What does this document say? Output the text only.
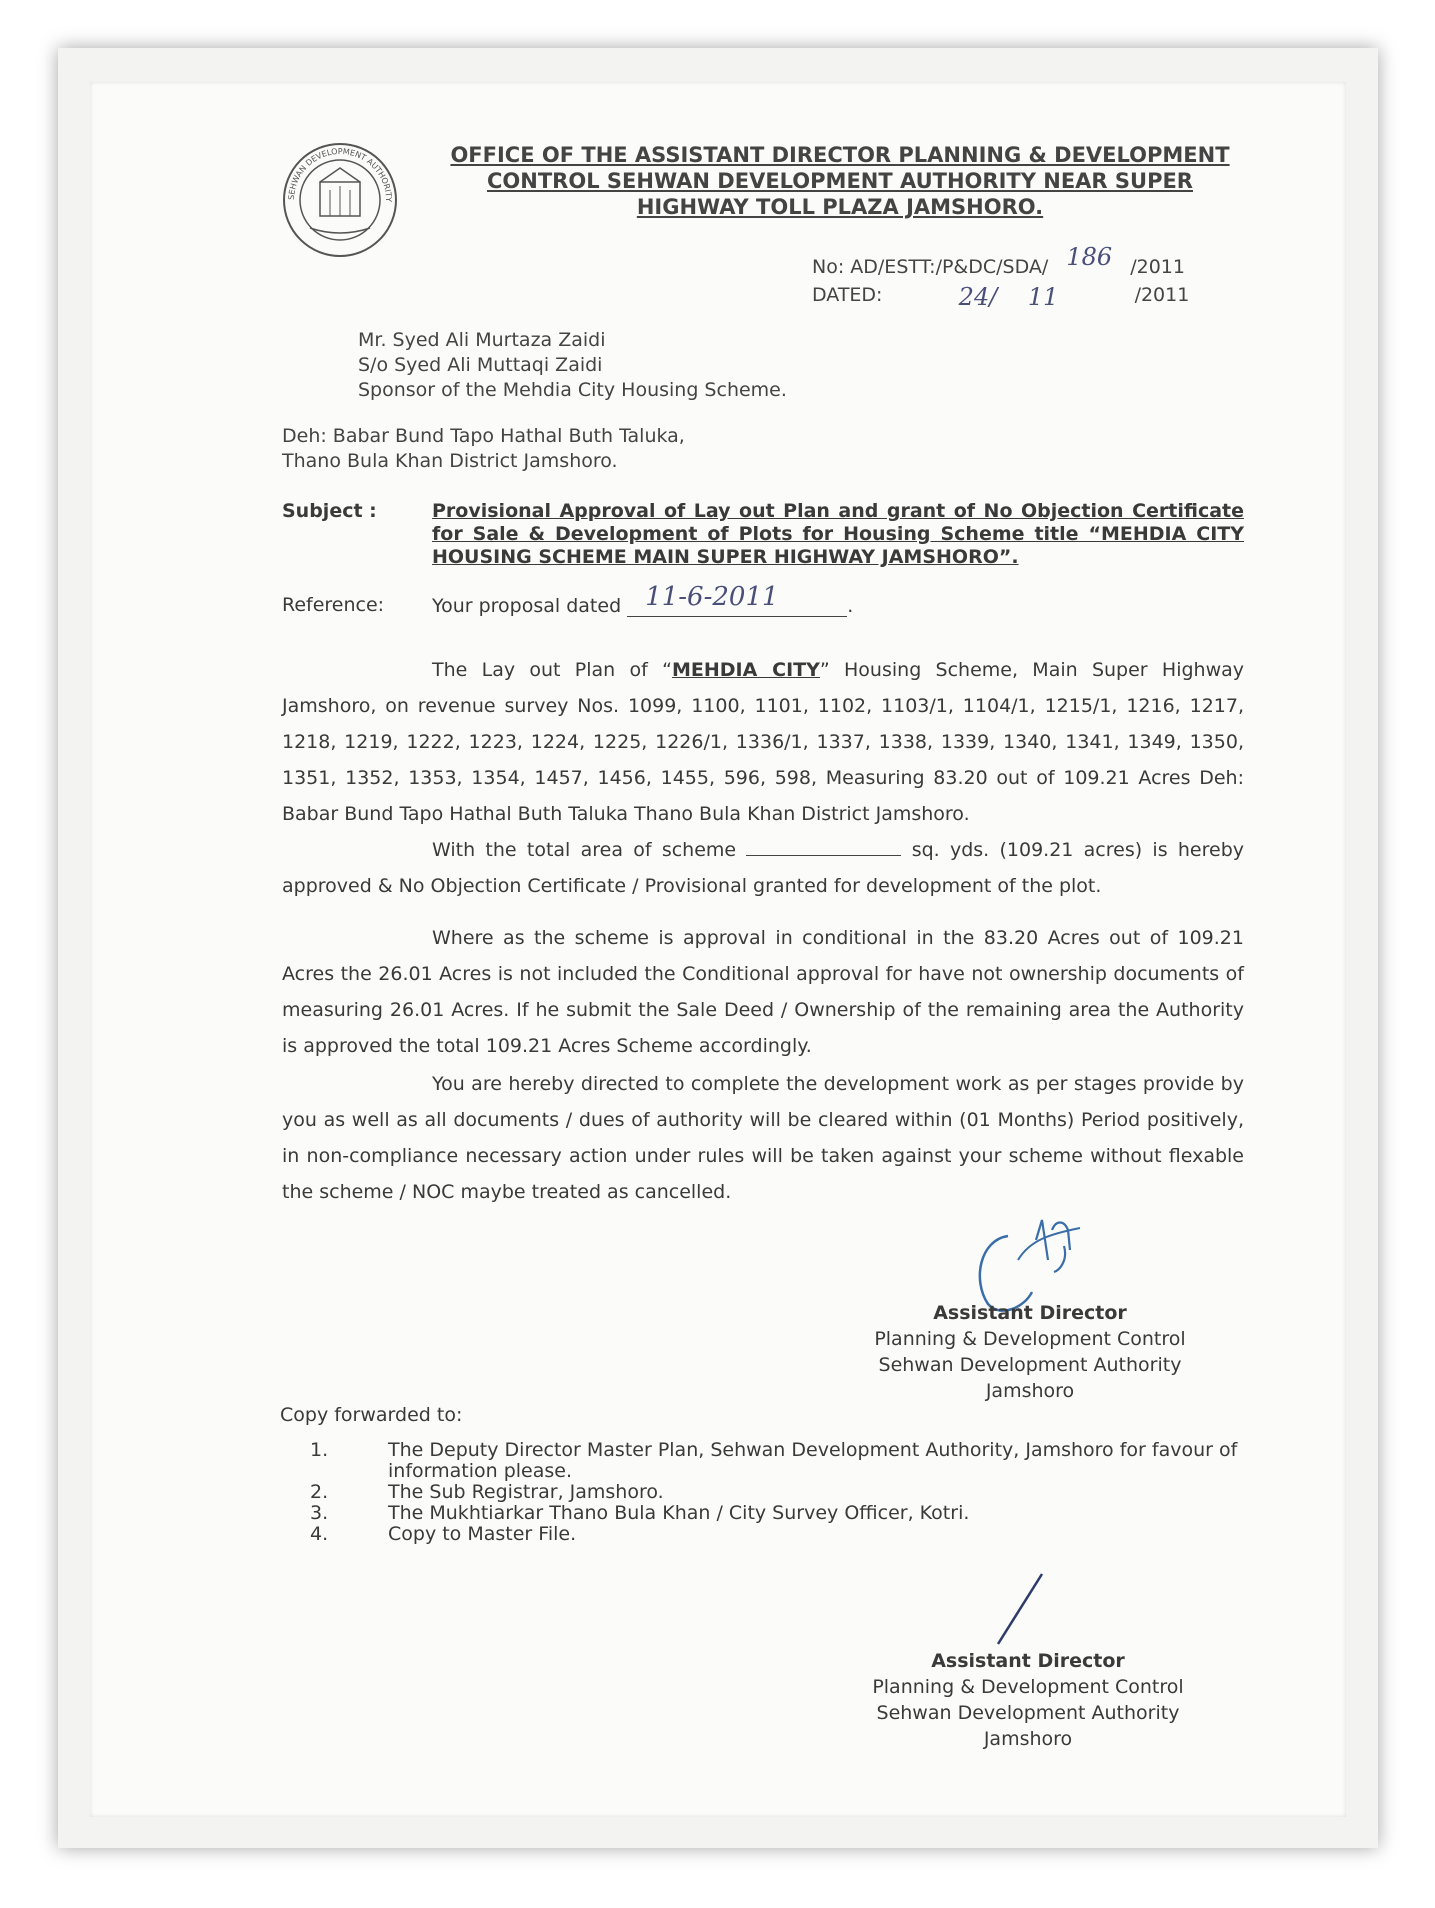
SEHWAN DEVELOPMENT AUTHORITY
OFFICE OF THE ASSISTANT DIRECTOR PLANNING & DEVELOPMENT
CONTROL SEHWAN DEVELOPMENT AUTHORITY NEAR SUPER
HIGHWAY TOLL PLAZA JAMSHORO.
No: AD/ESTT:/P&DC/SDA/ 186 /2011
DATED:	24/    11	/2011
Mr. Syed Ali Murtaza Zaidi
S/o Syed Ali Muttaqi Zaidi
Sponsor of the Mehdia City Housing Scheme.
Deh: Babar Bund Tapo Hathal Buth Taluka,
Thano Bula Khan District Jamshoro.
Subject :	Provisional Approval of Lay out Plan and grant of No Objection Certificate for Sale & Development of Plots for Housing Scheme title “MEHDIA CITY HOUSING SCHEME MAIN SUPER HIGHWAY JAMSHORO”.
Reference:	Your proposal dated 11-6-2011	.
The Lay out Plan of “MEHDIA CITY” Housing Scheme, Main Super Highway Jamshoro, on revenue survey Nos. 1099, 1100, 1101, 1102, 1103/1, 1104/1, 1215/1, 1216, 1217, 1218, 1219, 1222, 1223, 1224, 1225, 1226/1, 1336/1, 1337, 1338, 1339, 1340, 1341, 1349, 1350, 1351, 1352, 1353, 1354, 1457, 1456, 1455, 596, 598, Measuring 83.20 out of 109.21 Acres Deh: Babar Bund Tapo Hathal Buth Taluka Thano Bula Khan District Jamshoro.
With the total area of scheme	sq. yds. (109.21 acres) is hereby approved & No Objection Certificate / Provisional granted for development of the plot.
Where as the scheme is approval in conditional in the 83.20 Acres out of 109.21 Acres the 26.01 Acres is not included the Conditional approval for have not ownership documents of measuring 26.01 Acres. If he submit the Sale Deed / Ownership of the remaining area the Authority is approved the total 109.21 Acres Scheme accordingly.
You are hereby directed to complete the development work as per stages provide by you as well as all documents / dues of authority will be cleared within (01 Months) Period positively, in non-compliance necessary action under rules will be taken against your scheme without flexable the scheme / NOC maybe treated as cancelled.
Assistant Director
Planning & Development Control
Sehwan Development Authority
Jamshoro
Copy forwarded to:
1.	The Deputy Director Master Plan, Sehwan Development Authority, Jamshoro for favour of information please.
2.	The Sub Registrar, Jamshoro.
3.	The Mukhtiarkar Thano Bula Khan / City Survey Officer, Kotri.
4.	Copy to Master File.
Assistant Director
Planning & Development Control
Sehwan Development Authority
Jamshoro
